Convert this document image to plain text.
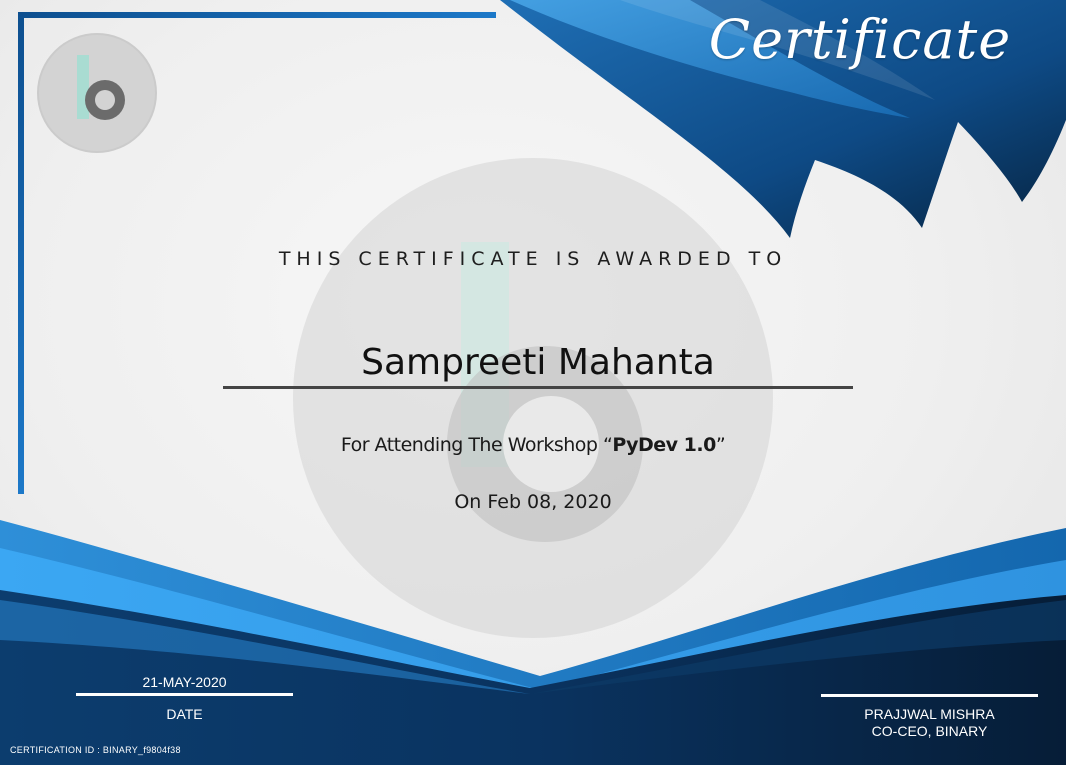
Certificate
THIS CERTIFICATE IS AWARDED TO
Sampreeti Mahanta
For Attending The Workshop “PyDev 1.0”
On Feb 08, 2020
21-MAY-2020
DATE	PRAJJWAL MISHRA
CO-CEO, BINARY
CERTIFICATION ID : BINARY_f9804f38
